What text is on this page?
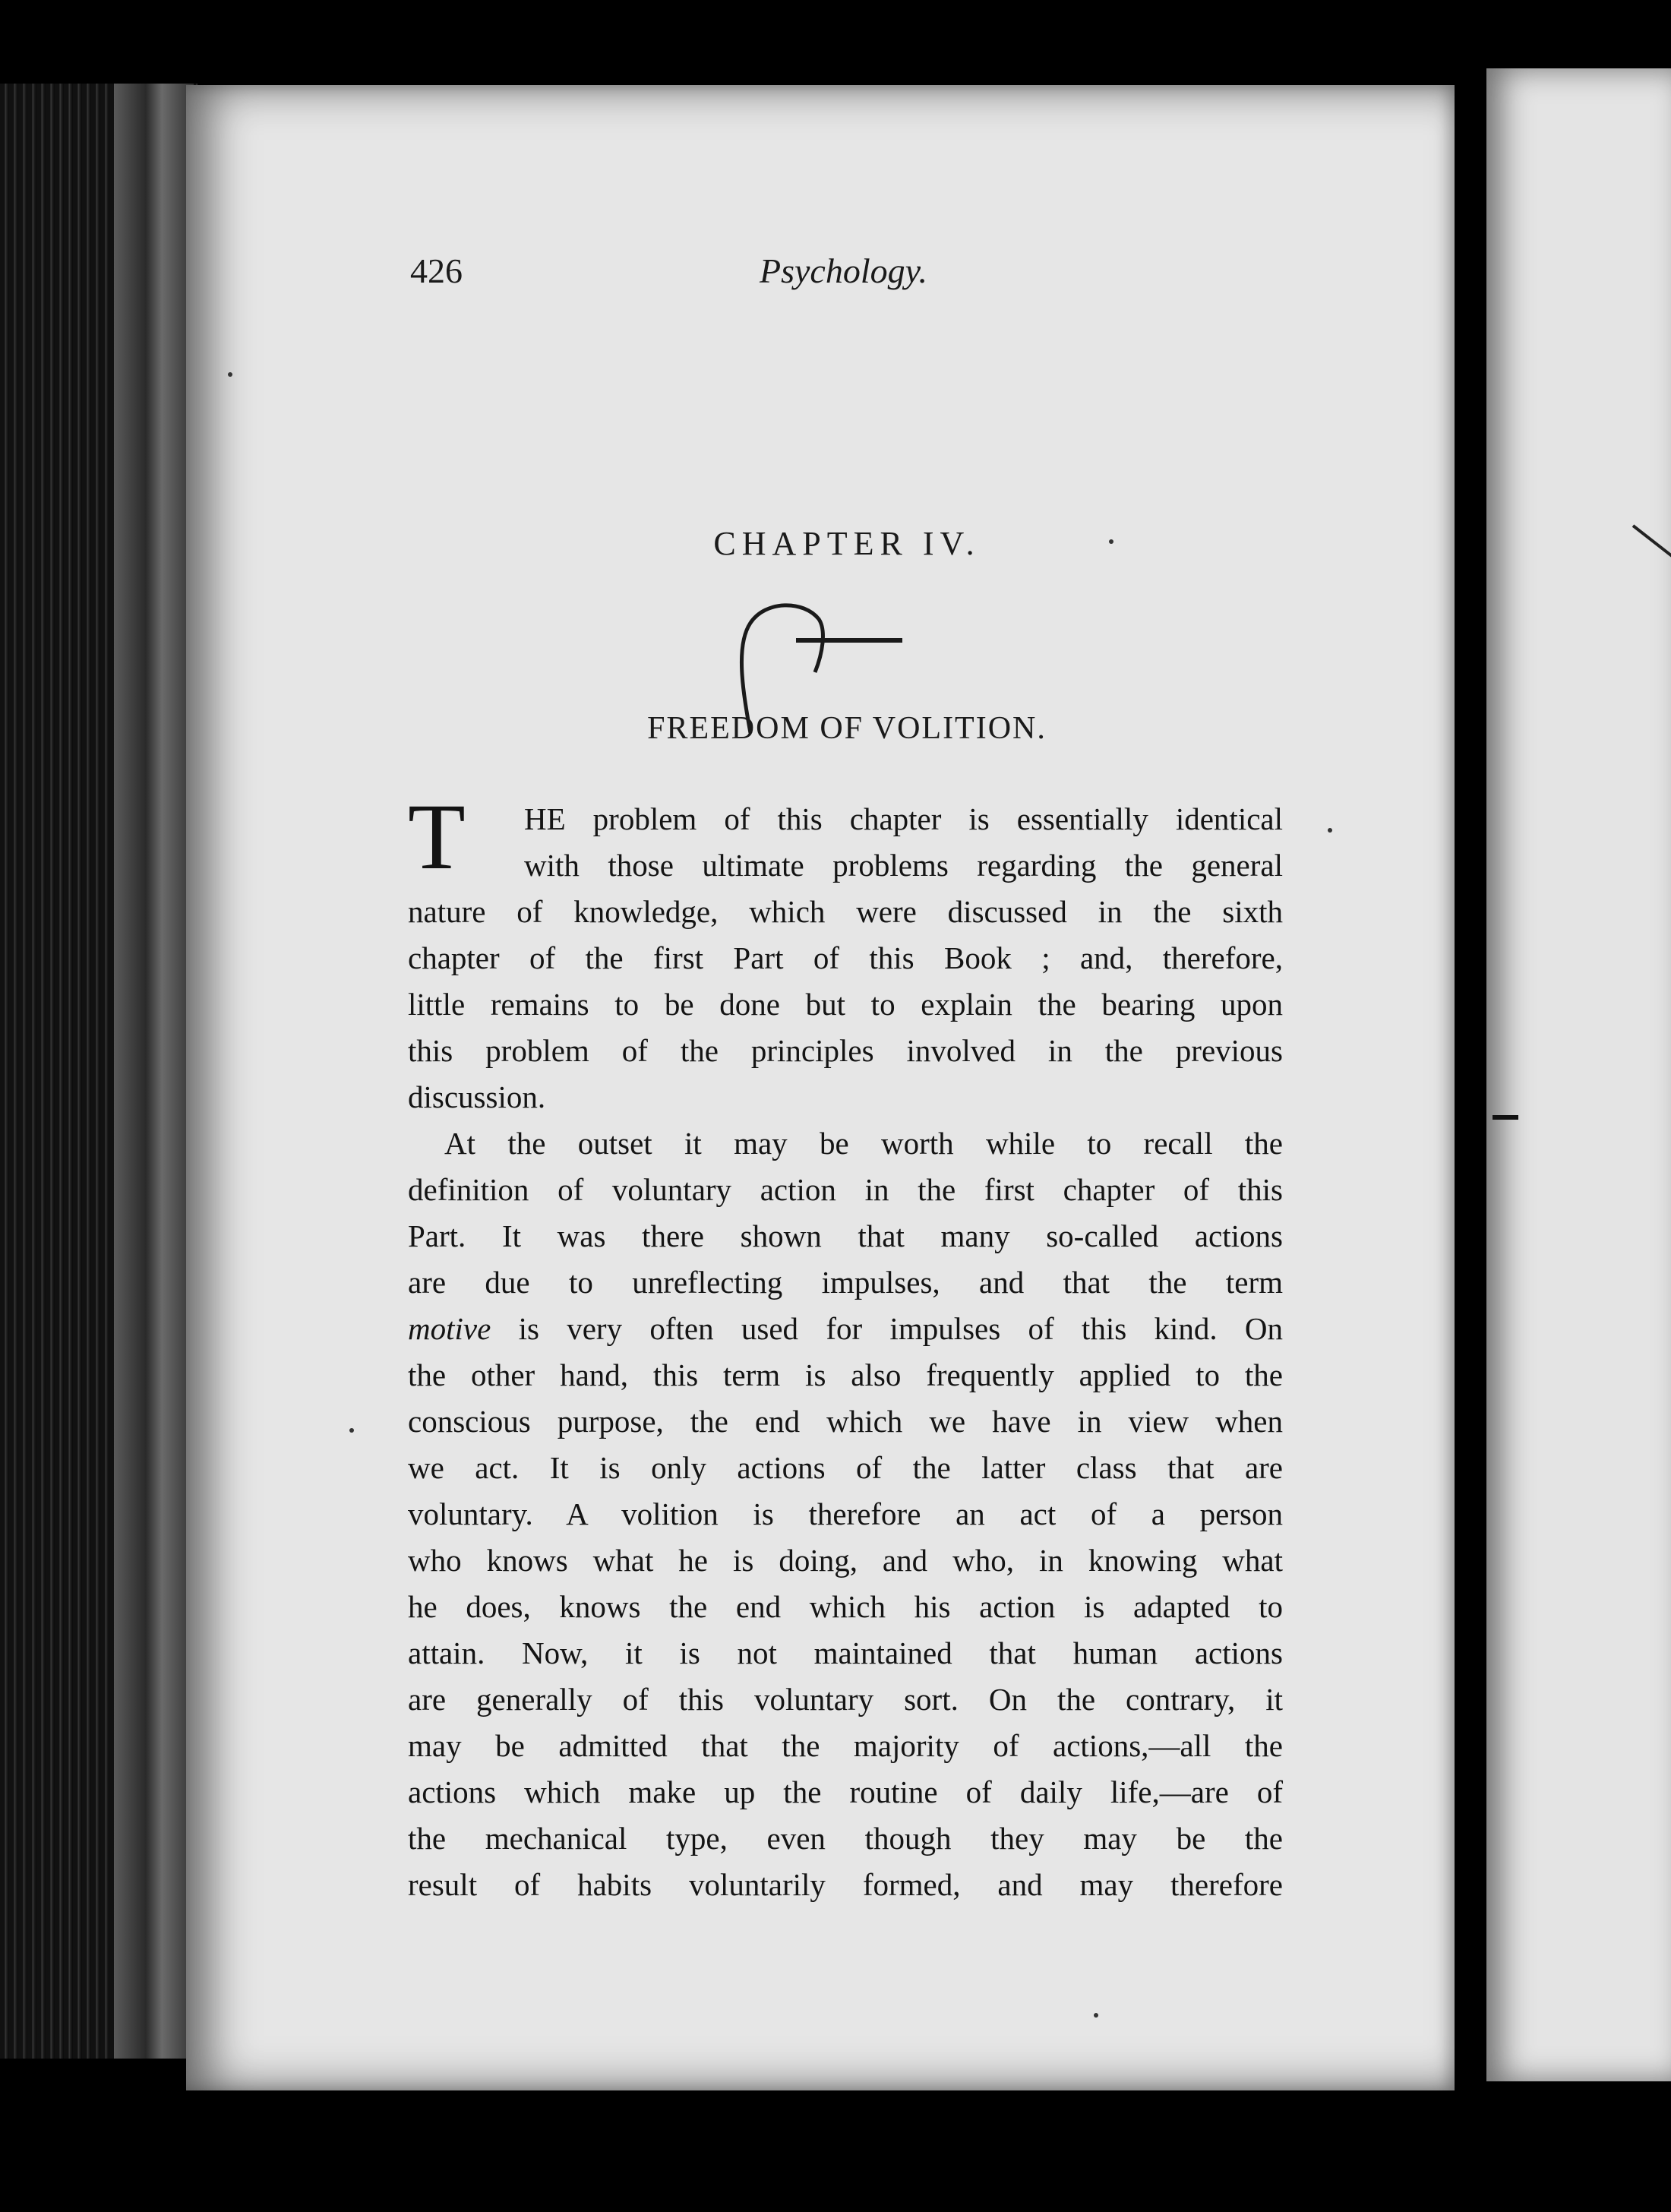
426	Psychology.
CHAPTER IV.
FREEDOM OF VOLITION.
T HE problem of this chapter is essentially identical
with those ultimate problems regarding the general
nature of knowledge, which were discussed in the sixth
chapter of the first Part of this Book ; and, therefore,
little remains to be done but to explain the bearing upon
this problem of the principles involved in the previous
discussion.
At the outset it may be worth while to recall the
definition of voluntary action in the first chapter of this
Part. It was there shown that many so-called actions
are due to unreflecting impulses, and that the term
motive is very often used for impulses of this kind. On
the other hand, this term is also frequently applied to the
conscious purpose, the end which we have in view when
we act. It is only actions of the latter class that are
voluntary. A volition is therefore an act of a person
who knows what he is doing, and who, in knowing what
he does, knows the end which his action is adapted to
attain. Now, it is not maintained that human actions
are generally of this voluntary sort. On the contrary, it
may be admitted that the majority of actions,—all the
actions which make up the routine of daily life,—are of
the mechanical type, even though they may be the
result of habits voluntarily formed, and may therefore
